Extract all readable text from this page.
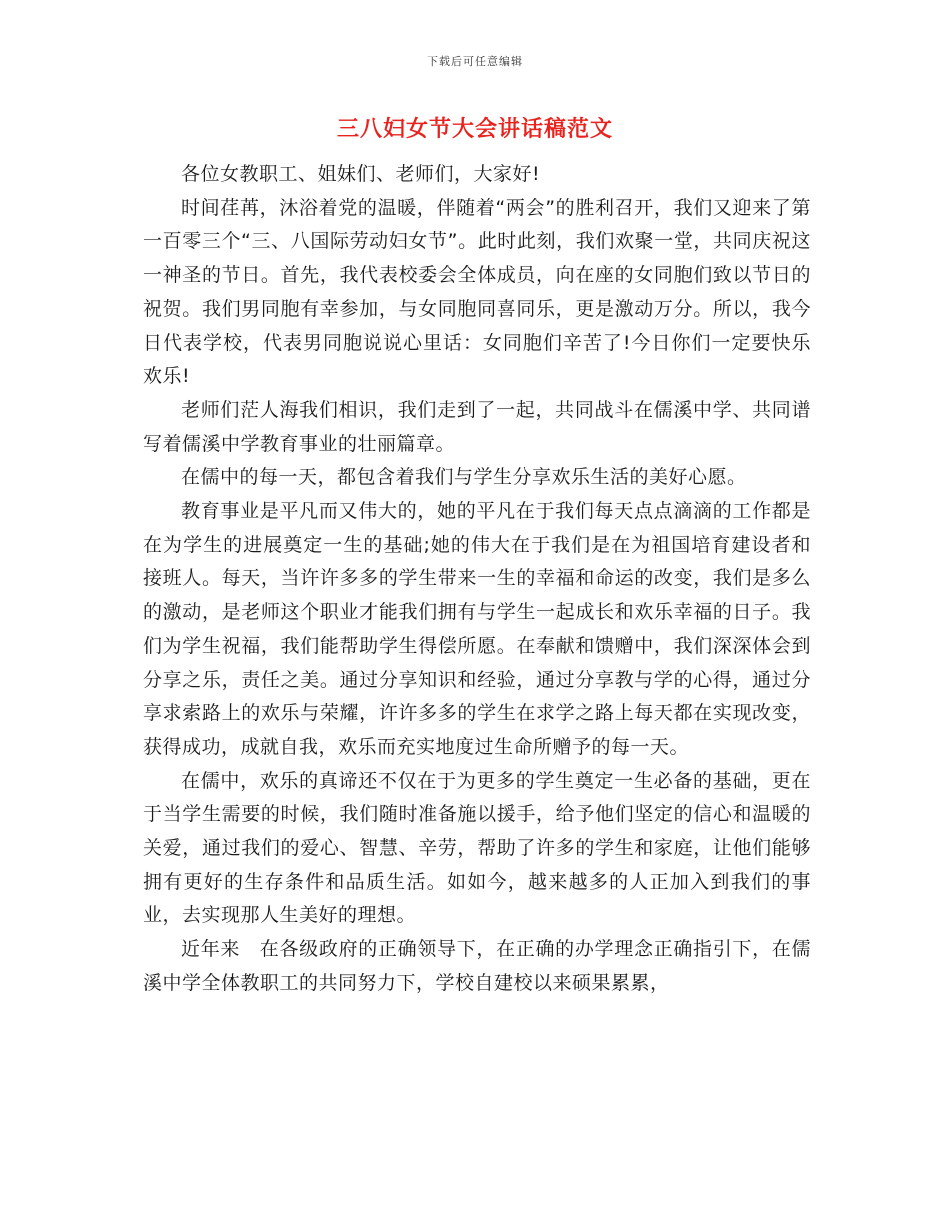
下载后可任意编辑
三八妇女节大会讲话稿范文

各位女教职工、姐妹们、老师们，大家好!

时间荏苒，沐浴着党的温暖，伴随着“两会”的胜利召开，我们又迎来了第一百零三个“三、八国际劳动妇女节”。此时此刻，我们欢聚一堂，共同庆祝这一神圣的节日。首先，我代表校委会全体成员，向在座的女同胞们致以节日的祝贺。我们男同胞有幸参加，与女同胞同喜同乐，更是激动万分。所以，我今日代表学校，代表男同胞说说心里话：女同胞们辛苦了!今日你们一定要快乐欢乐!

老师们茫人海我们相识，我们走到了一起，共同战斗在儒溪中学、共同谱写着儒溪中学教育事业的壮丽篇章。

在儒中的每一天，都包含着我们与学生分享欢乐生活的美好心愿。

教育事业是平凡而又伟大的，她的平凡在于我们每天点点滴滴的工作都是在为学生的进展奠定一生的基础;她的伟大在于我们是在为祖国培育建设者和接班人。每天，当许许多多的学生带来一生的幸福和命运的改变，我们是多么的激动，是老师这个职业才能我们拥有与学生一起成长和欢乐幸福的日子。我们为学生祝福，我们能帮助学生得偿所愿。在奉献和馈赠中，我们深深体会到分享之乐，责任之美。通过分享知识和经验，通过分享教与学的心得，通过分享求索路上的欢乐与荣耀，许许多多的学生在求学之路上每天都在实现改变，获得成功，成就自我，欢乐而充实地度过生命所赠予的每一天。

在儒中，欢乐的真谛还不仅在于为更多的学生奠定一生必备的基础，更在于当学生需要的时候，我们随时准备施以援手，给予他们坚定的信心和温暖的关爱，通过我们的爱心、智慧、辛劳，帮助了许多的学生和家庭，让他们能够拥有更好的生存条件和品质生活。如如今，越来越多的人正加入到我们的事业，去实现那人生美好的理想。

近年来　在各级政府的正确领导下，在正确的办学理念正确指引下，在儒溪中学全体教职工的共同努力下，学校自建校以来硕果累累，
